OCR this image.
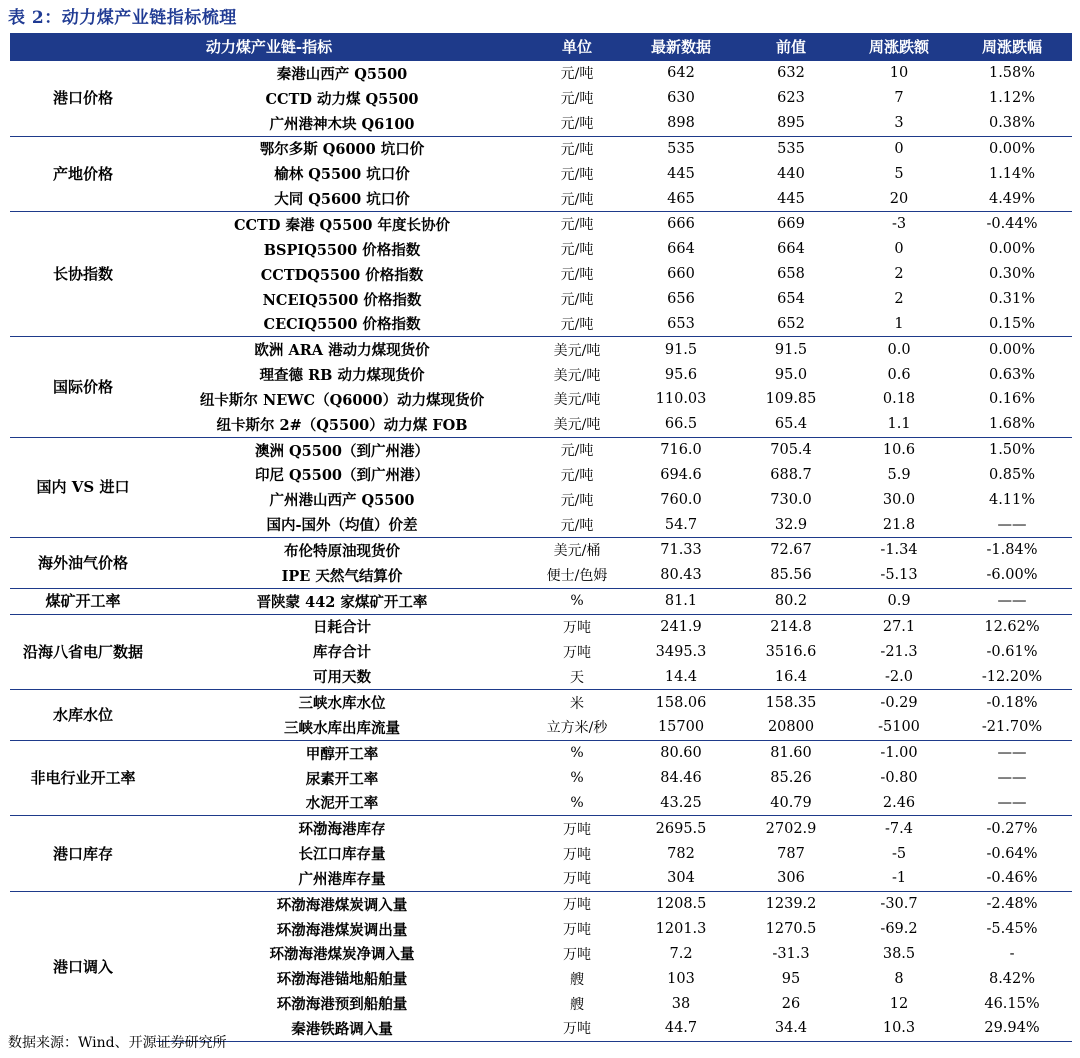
表 2：动力煤产业链指标梳理
动力煤产业链-指标		单位	最新数据	前值	周涨跌额	周涨跌幅
港口价格	秦港山西产 Q5500	元/吨	642	632	10	1.58%
	CCTD 动力煤 Q5500	元/吨	630	623	7	1.12%
	广州港神木块 Q6100	元/吨	898	895	3	0.38%
产地价格	鄂尔多斯 Q6000 坑口价	元/吨	535	535	0	0.00%
	榆林 Q5500 坑口价	元/吨	445	440	5	1.14%
	大同 Q5600 坑口价	元/吨	465	445	20	4.49%
长协指数	CCTD 秦港 Q5500 年度长协价	元/吨	666	669	-3	-0.44%
	BSPIQ5500 价格指数	元/吨	664	664	0	0.00%
	CCTDQ5500 价格指数	元/吨	660	658	2	0.30%
	NCEIQ5500 价格指数	元/吨	656	654	2	0.31%
	CECIQ5500 价格指数	元/吨	653	652	1	0.15%
国际价格	欧洲 ARA 港动力煤现货价	美元/吨	91.5	91.5	0.0	0.00%
	理查德 RB 动力煤现货价	美元/吨	95.6	95.0	0.6	0.63%
	纽卡斯尔 NEWC（Q6000）动力煤现货价	美元/吨	110.03	109.85	0.18	0.16%
	纽卡斯尔 2#（Q5500）动力煤 FOB	美元/吨	66.5	65.4	1.1	1.68%
国内 VS 进口	澳洲 Q5500（到广州港）	元/吨	716.0	705.4	10.6	1.50%
	印尼 Q5500（到广州港）	元/吨	694.6	688.7	5.9	0.85%
	广州港山西产 Q5500	元/吨	760.0	730.0	30.0	4.11%
	国内-国外（均值）价差	元/吨	54.7	32.9	21.8	——
海外油气价格	布伦特原油现货价	美元/桶	71.33	72.67	-1.34	-1.84%
	IPE 天然气结算价	便士/色姆	80.43	85.56	-5.13	-6.00%
煤矿开工率	晋陕蒙 442 家煤矿开工率	%	81.1	80.2	0.9	——
沿海八省电厂数据	日耗合计	万吨	241.9	214.8	27.1	12.62%
	库存合计	万吨	3495.3	3516.6	-21.3	-0.61%
	可用天数	天	14.4	16.4	-2.0	-12.20%
水库水位	三峡水库水位	米	158.06	158.35	-0.29	-0.18%
	三峡水库出库流量	立方米/秒	15700	20800	-5100	-21.70%
非电行业开工率	甲醇开工率	%	80.60	81.60	-1.00	——
	尿素开工率	%	84.46	85.26	-0.80	——
	水泥开工率	%	43.25	40.79	2.46	——
港口库存	环渤海港库存	万吨	2695.5	2702.9	-7.4	-0.27%
	长江口库存量	万吨	782	787	-5	-0.64%
	广州港库存量	万吨	304	306	-1	-0.46%
港口调入	环渤海港煤炭调入量	万吨	1208.5	1239.2	-30.7	-2.48%
	环渤海港煤炭调出量	万吨	1201.3	1270.5	-69.2	-5.45%
	环渤海港煤炭净调入量	万吨	7.2	-31.3	38.5	-
	环渤海港锚地船舶量	艘	103	95	8	8.42%
	环渤海港预到船舶量	艘	38	26	12	46.15%
	秦港铁路调入量	万吨	44.7	34.4	10.3	29.94%
数据来源：Wind、开源证券研究所
